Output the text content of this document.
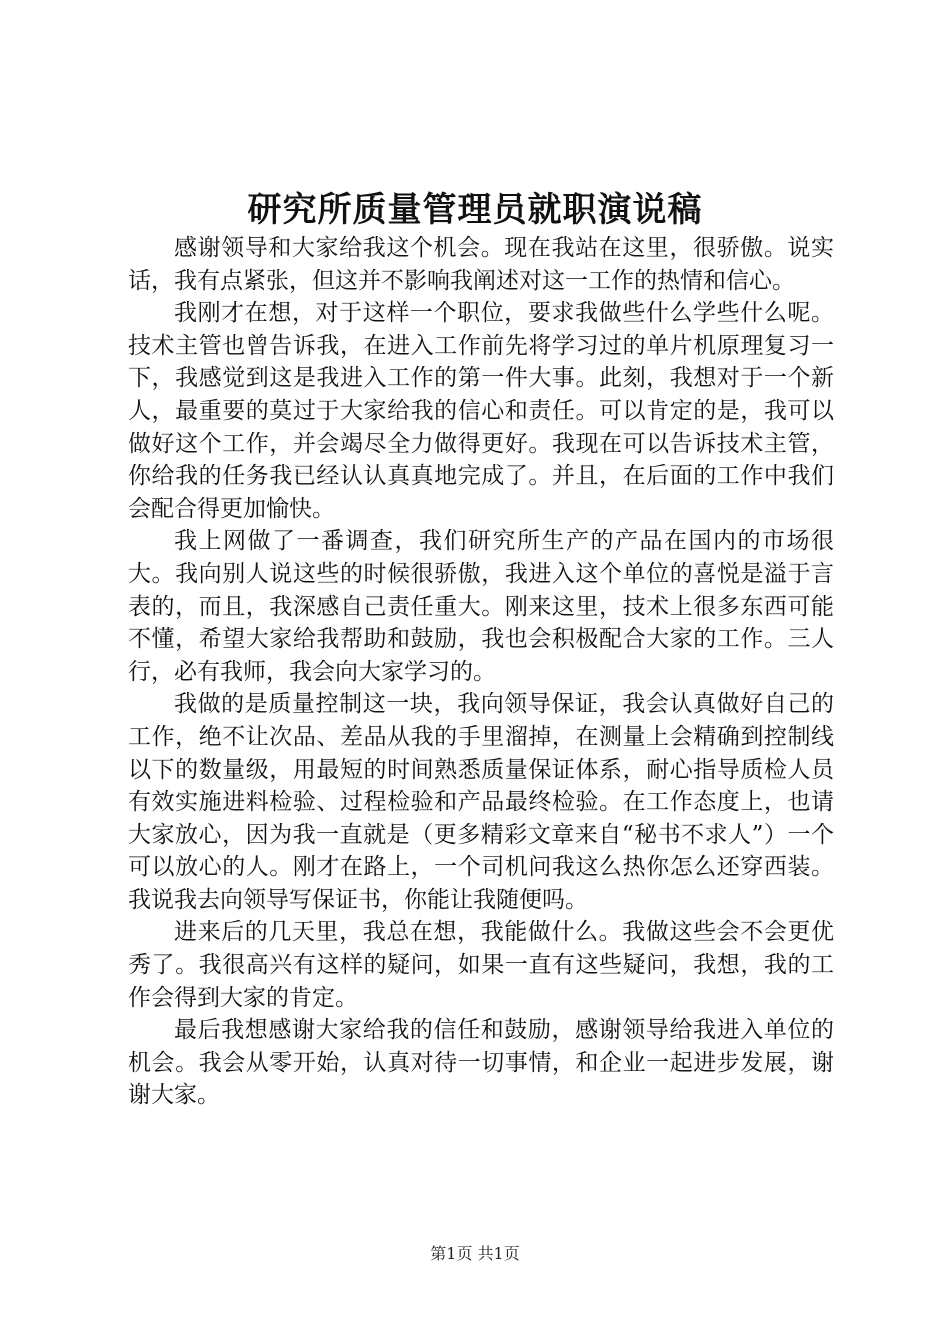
研究所质量管理员就职演说稿

感谢领导和大家给我这个机会。现在我站在这里，很骄傲。说实话，我有点紧张，但这并不影响我阐述对这一工作的热情和信心。

我刚才在想，对于这样一个职位，要求我做些什么学些什么呢。技术主管也曾告诉我，在进入工作前先将学习过的单片机原理复习一下，我感觉到这是我进入工作的第一件大事。此刻，我想对于一个新人，最重要的莫过于大家给我的信心和责任。可以肯定的是，我可以做好这个工作，并会竭尽全力做得更好。我现在可以告诉技术主管，你给我的任务我已经认认真真地完成了。并且，在后面的工作中我们会配合得更加愉快。

我上网做了一番调查，我们研究所生产的产品在国内的市场很大。我向别人说这些的时候很骄傲，我进入这个单位的喜悦是溢于言表的，而且，我深感自己责任重大。刚来这里，技术上很多东西可能不懂，希望大家给我帮助和鼓励，我也会积极配合大家的工作。三人行，必有我师，我会向大家学习的。

我做的是质量控制这一块，我向领导保证，我会认真做好自己的工作，绝不让次品、差品从我的手里溜掉，在测量上会精确到控制线以下的数量级，用最短的时间熟悉质量保证体系，耐心指导质检人员有效实施进料检验、过程检验和产品最终检验。在工作态度上，也请大家放心，因为我一直就是（更多精彩文章来自“秘书不求人”）一个可以放心的人。刚才在路上，一个司机问我这么热你怎么还穿西装。我说我去向领导写保证书，你能让我随便吗。

进来后的几天里，我总在想，我能做什么。我做这些会不会更优秀了。我很高兴有这样的疑问，如果一直有这些疑问，我想，我的工作会得到大家的肯定。

最后我想感谢大家给我的信任和鼓励，感谢领导给我进入单位的机会。我会从零开始，认真对待一切事情，和企业一起进步发展，谢谢大家。

第1页 共1页
